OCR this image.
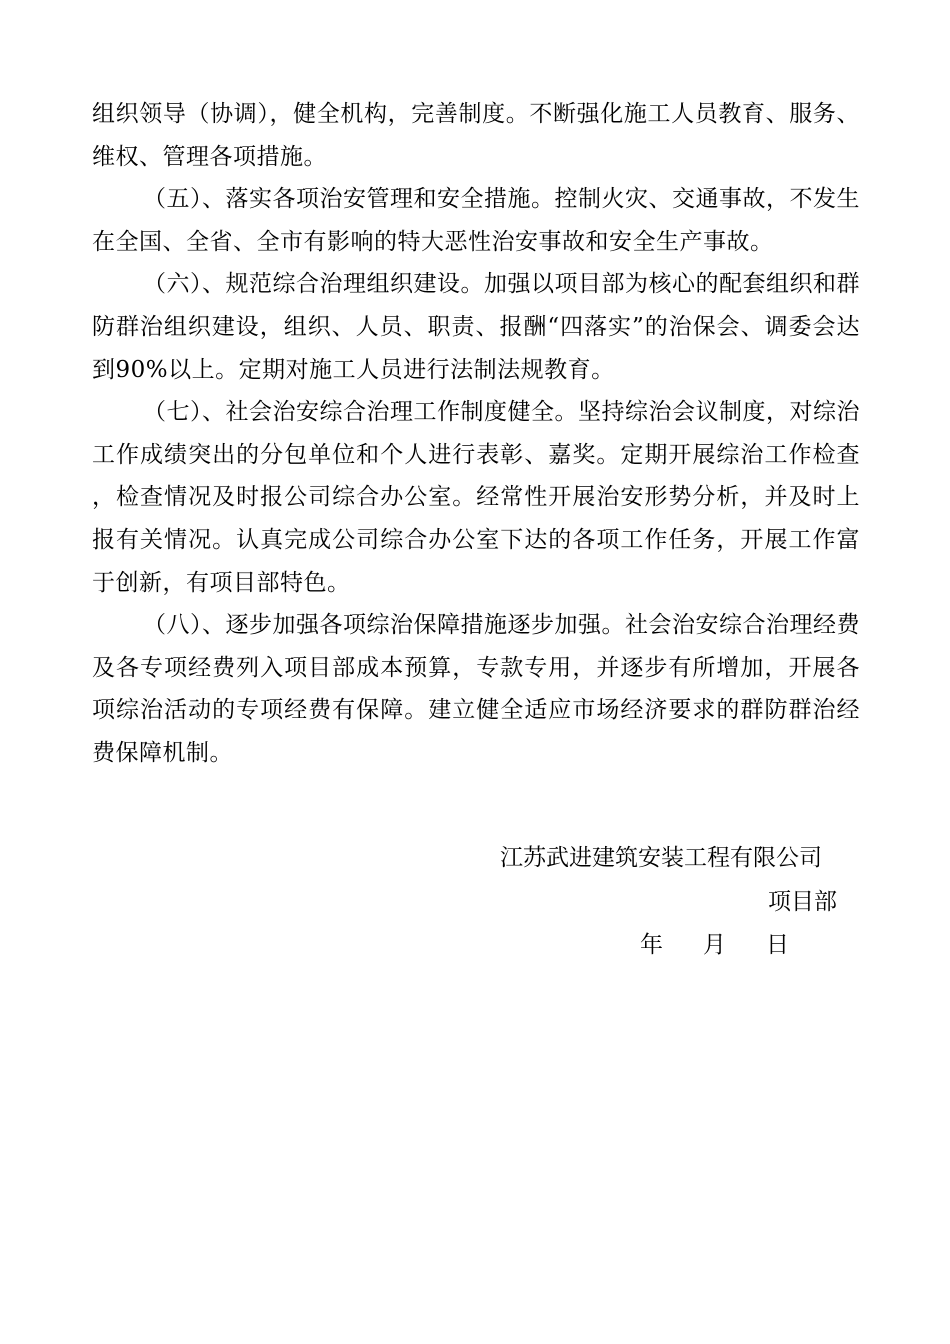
组织领导（协调），健全机构，完善制度。不断强化施工人员教育、服务、维权、管理各项措施。

（五）、落实各项治安管理和安全措施。控制火灾、交通事故，不发生在全国、全省、全市有影响的特大恶性治安事故和安全生产事故。

（六）、规范综合治理组织建设。加强以项目部为核心的配套组织和群防群治组织建设，组织、人员、职责、报酬“四落实”的治保会、调委会达到90%以上。定期对施工人员进行法制法规教育。

（七）、社会治安综合治理工作制度健全。坚持综治会议制度，对综治工作成绩突出的分包单位和个人进行表彰、嘉奖。定期开展综治工作检查，检查情况及时报公司综合办公室。经常性开展治安形势分析，并及时上报有关情况。认真完成公司综合办公室下达的各项工作任务，开展工作富于创新，有项目部特色。

（八）、逐步加强各项综治保障措施逐步加强。社会治安综合治理经费及各专项经费列入项目部成本预算，专款专用，并逐步有所增加，开展各项综治活动的专项经费有保障。建立健全适应市场经济要求的群防群治经费保障机制。

江苏武进建筑安装工程有限公司
项目部
年 月 日
